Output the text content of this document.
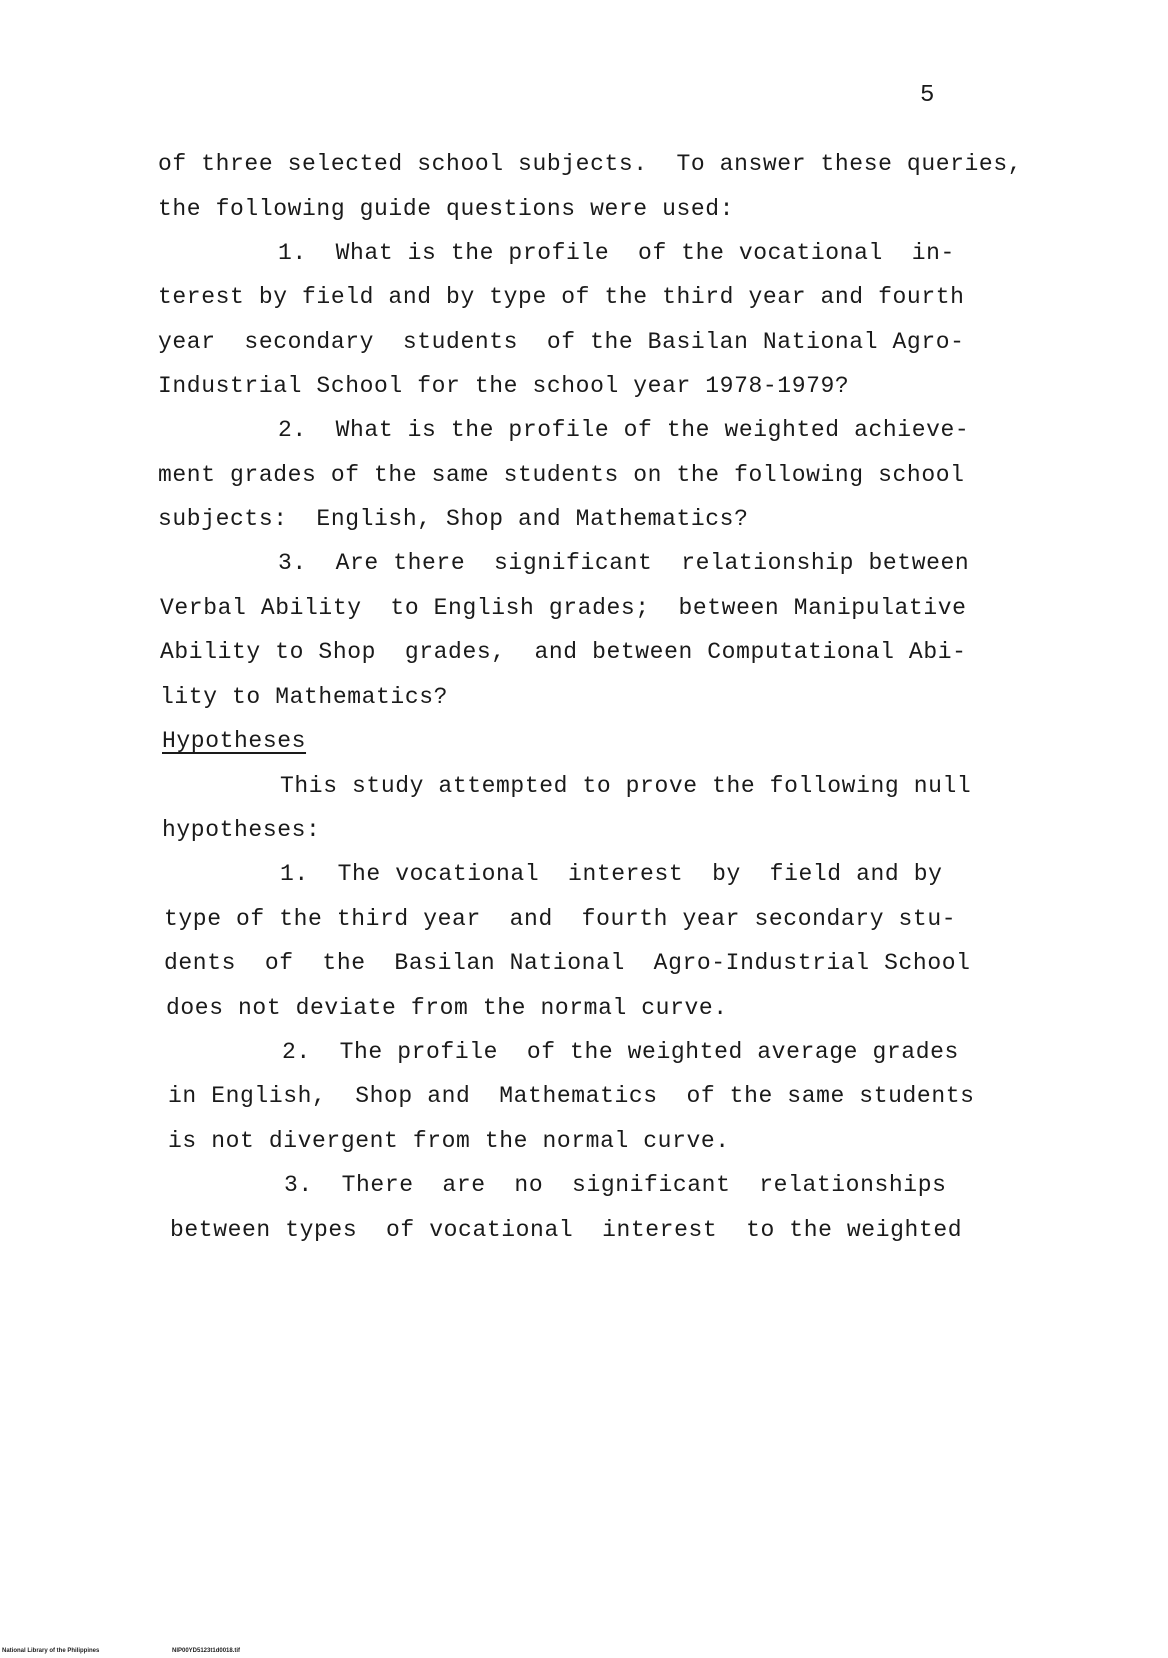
5
of three selected school subjects.  To answer these queries,
the following guide questions were used:
1.  What is the profile  of the vocational  in-
terest by field and by type of the third year and fourth
year  secondary  students  of the Basilan National Agro-
Industrial School for the school year 1978-1979?
2.  What is the profile of the weighted achieve-
ment grades of the same students on the following school
subjects:  English, Shop and Mathematics?
3.  Are there  significant  relationship between
Verbal Ability  to English grades;  between Manipulative
Ability to Shop  grades,  and between Computational Abi-
lity to Mathematics?
Hypotheses
This study attempted to prove the following null
hypotheses:
1.  The vocational  interest  by  field and by
type of the third year  and  fourth year secondary stu-
dents  of  the  Basilan National  Agro-Industrial School
does not deviate from the normal curve.
2.  The profile  of the weighted average grades
in English,  Shop and  Mathematics  of the same students
is not divergent from the normal curve.
3.  There  are  no  significant  relationships
between types  of vocational  interest  to the weighted
National Library of the Philippines	NIP00YD5123t1d0018.tif
